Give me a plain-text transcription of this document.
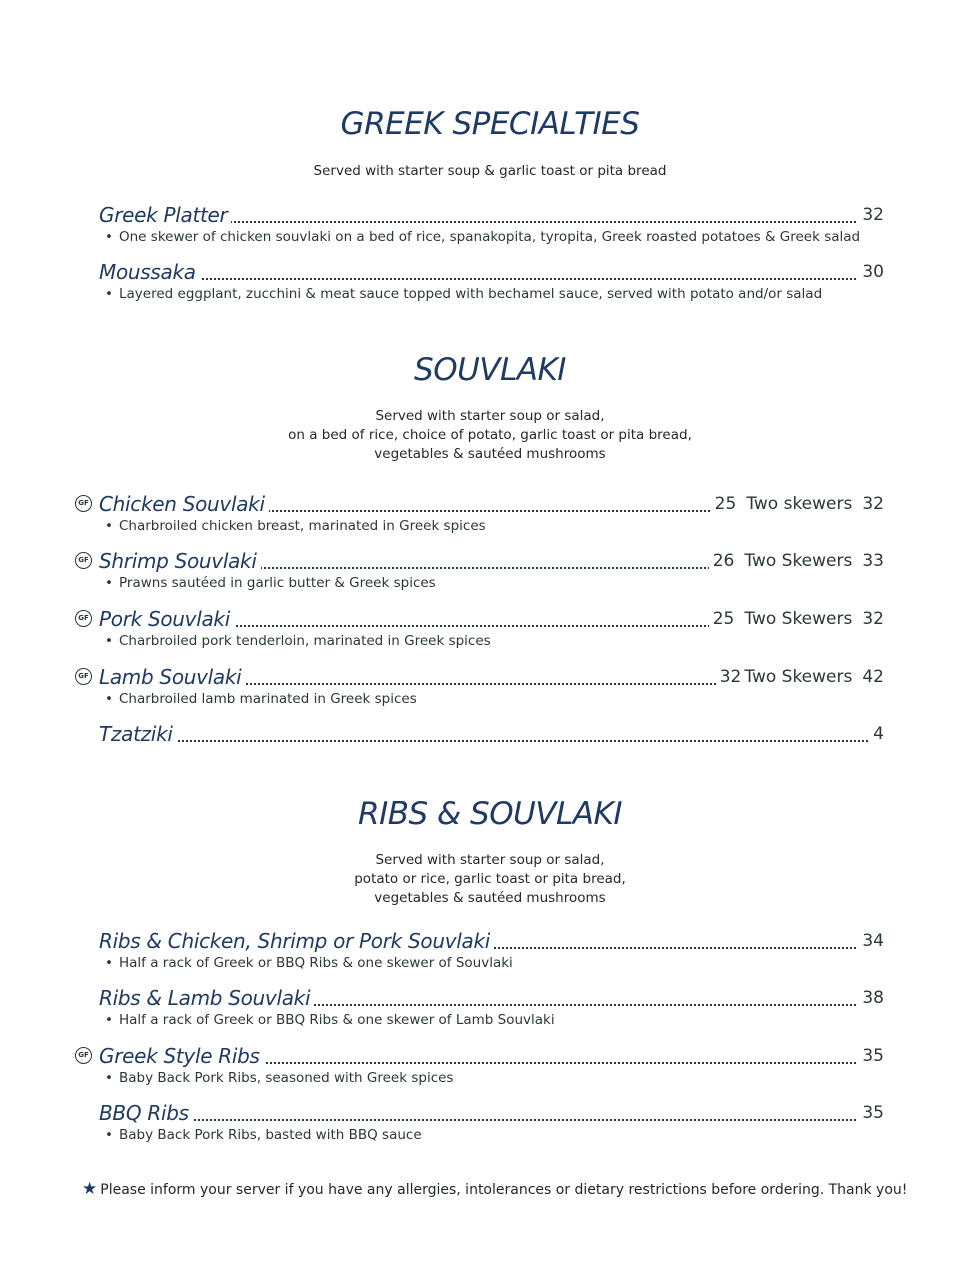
GREEK SPECIALTIES
Served with starter soup & garlic toast or pita bread
Greek Platter	32
• One skewer of chicken souvlaki on a bed of rice, spanakopita, tyropita, Greek roasted potatoes & Greek salad
Moussaka	30
• Layered eggplant, zucchini & meat sauce topped with bechamel sauce, served with potato and/or salad
SOUVLAKI
Served with starter soup or salad,
on a bed of rice, choice of potato, garlic toast or pita bread,
vegetables & sautéed mushrooms
GF Chicken Souvlaki	25 Two skewers 32
• Charbroiled chicken breast, marinated in Greek spices
GF Shrimp Souvlaki	26 Two Skewers 33
• Prawns sautéed in garlic butter & Greek spices
GF Pork Souvlaki	25 Two Skewers 32
• Charbroiled pork tenderloin, marinated in Greek spices
GF Lamb Souvlaki	32 Two Skewers 42
• Charbroiled lamb marinated in Greek spices
Tzatziki	4
RIBS & SOUVLAKI
Served with starter soup or salad,
potato or rice, garlic toast or pita bread,
vegetables & sautéed mushrooms
Ribs & Chicken, Shrimp or Pork Souvlaki	34
• Half a rack of Greek or BBQ Ribs & one skewer of Souvlaki
Ribs & Lamb Souvlaki	38
• Half a rack of Greek or BBQ Ribs & one skewer of Lamb Souvlaki
GF Greek Style Ribs	35
• Baby Back Pork Ribs, seasoned with Greek spices
BBQ Ribs	35
• Baby Back Pork Ribs, basted with BBQ sauce
★ Please inform your server if you have any allergies, intolerances or dietary restrictions before ordering. Thank you!
